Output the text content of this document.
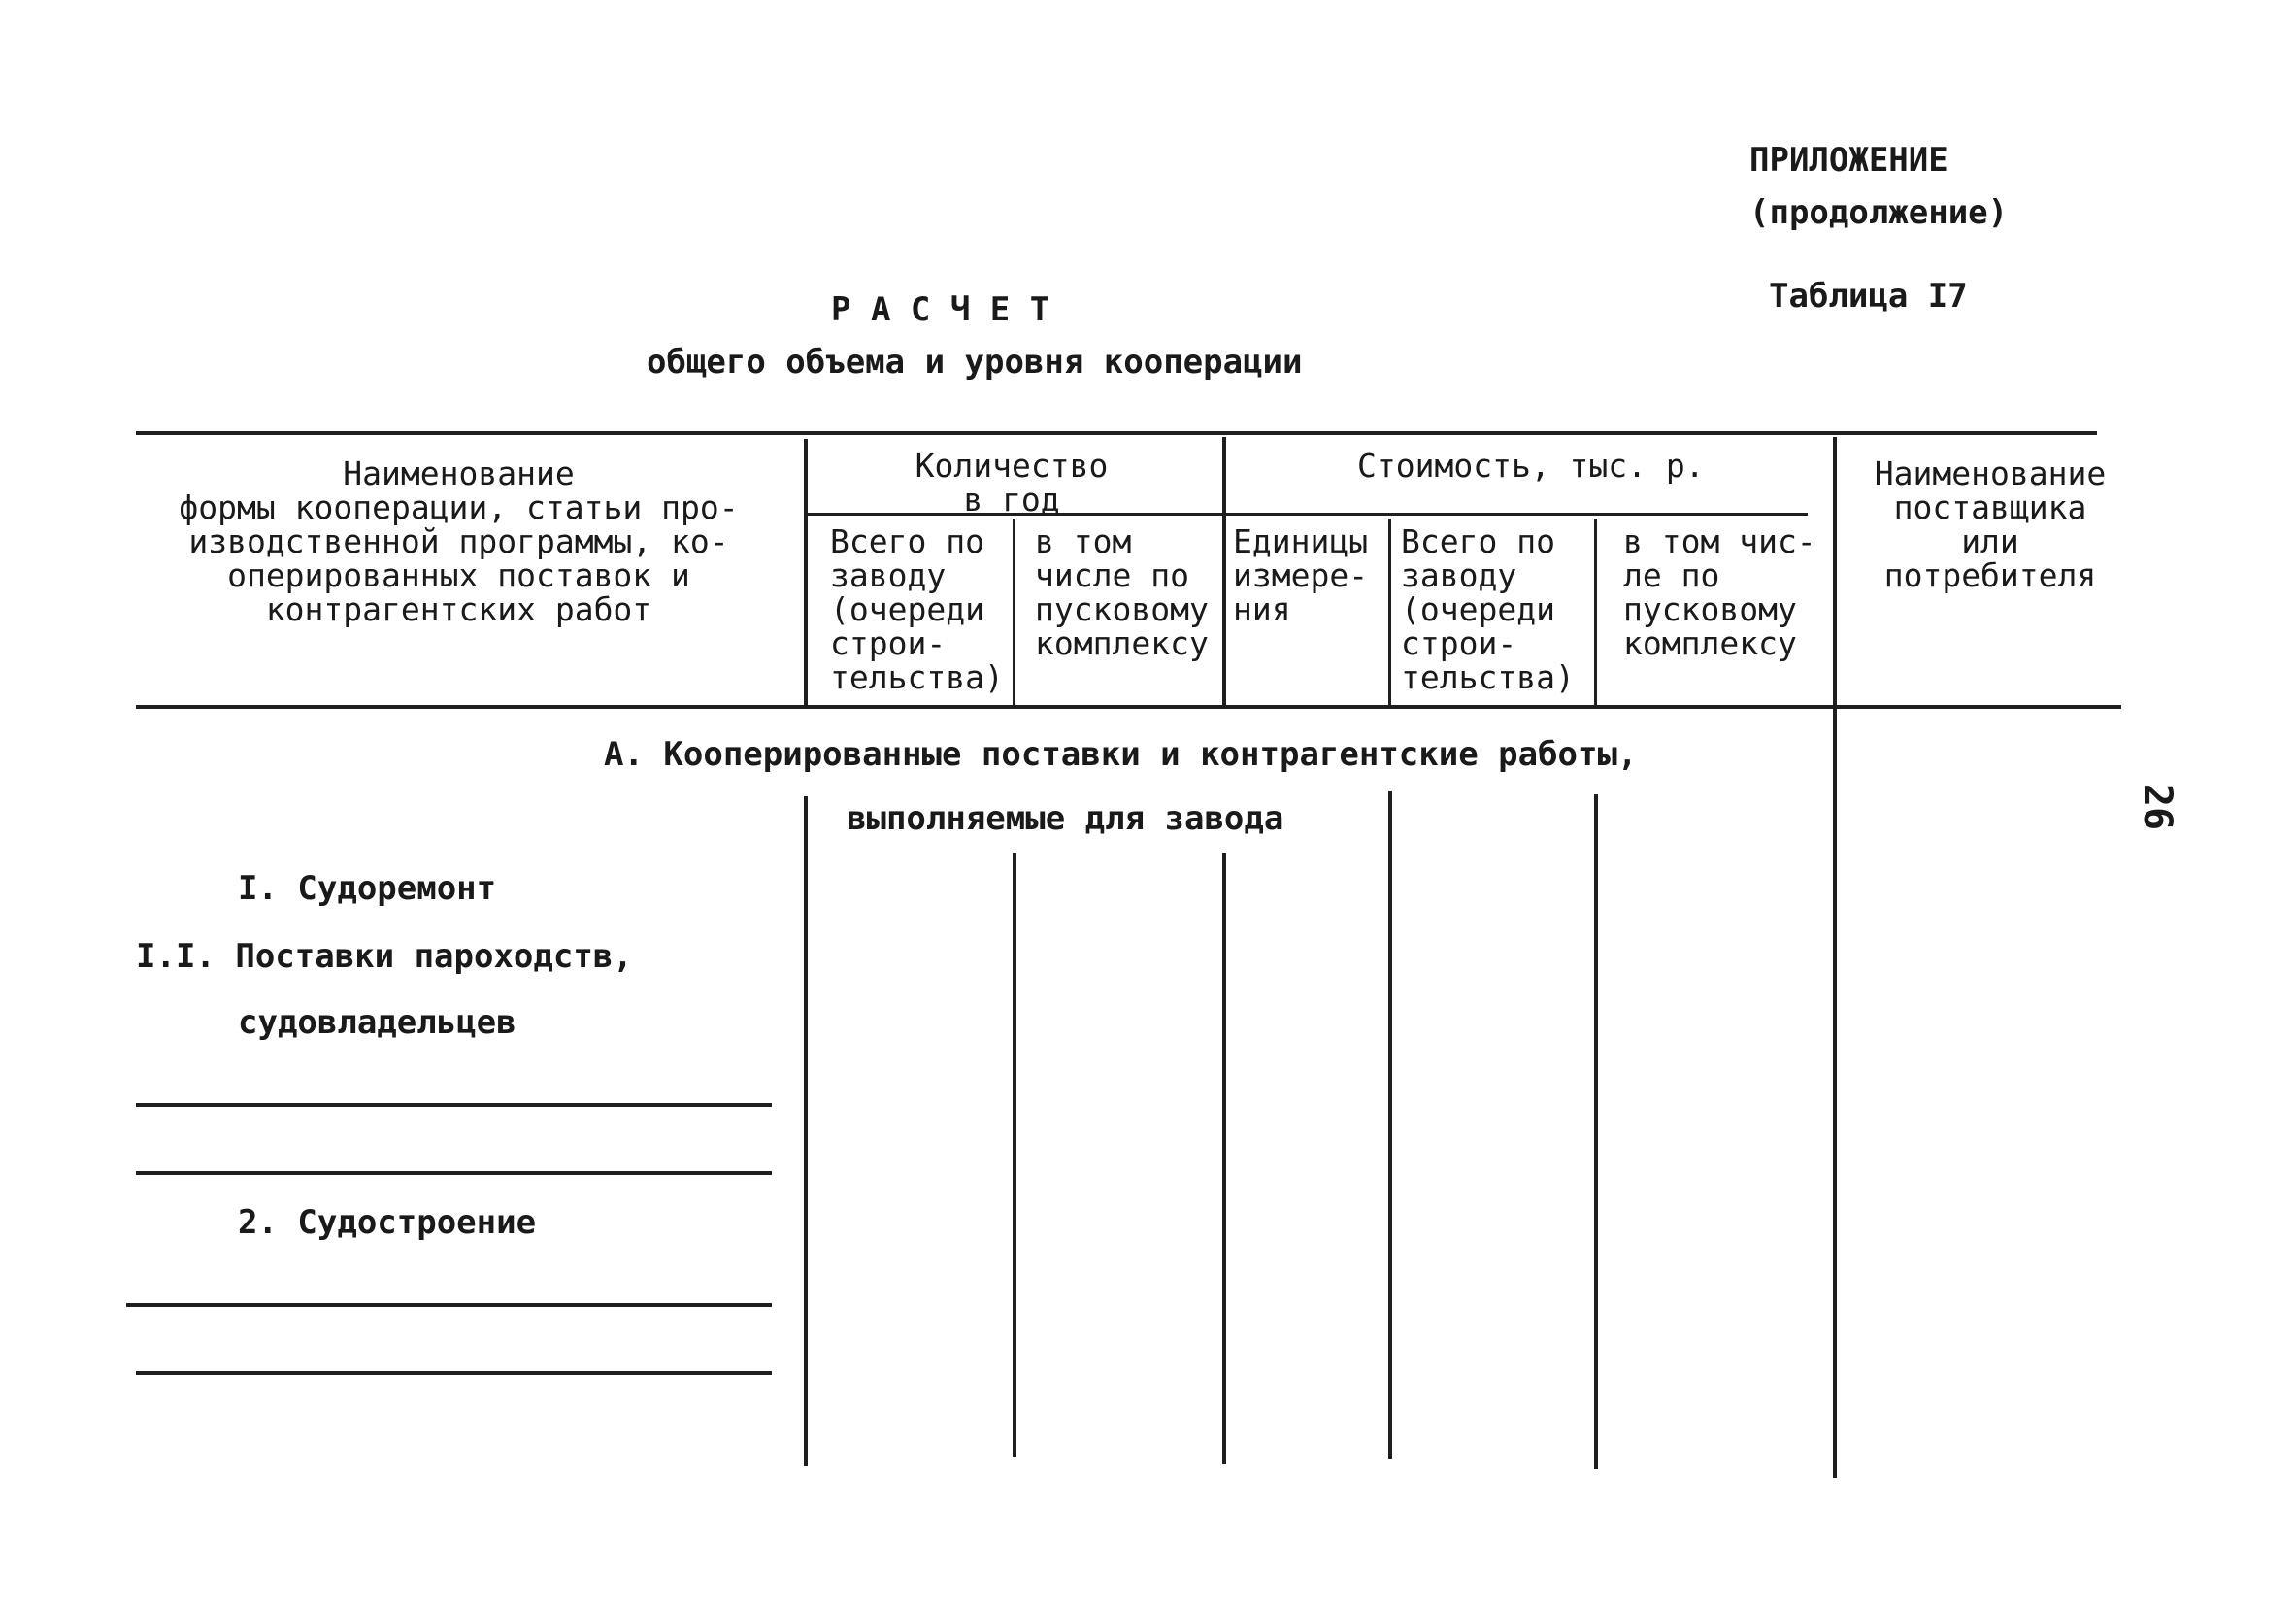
ПРИЛОЖЕНИЕ
(продолжение)
Таблица I7
Р А С Ч Е Т
общего объема и уровня кооперации
Наименование
формы кооперации, статьи про-
изводственной программы, ко-
оперированных поставок и
контрагентских работ
Количество
в год
Всего по
заводу
(очереди
строи-
тельства)
в том
числе по
пусковому
комплексу
Стоимость, тыс. р.
Единицы
измере-
ния
Всего по
заводу
(очереди
строи-
тельства)
в том чис-
ле по
пусковому
комплексу
Наименование
поставщика
или
потребителя
А. Кооперированные поставки и контрагентские работы,
выполняемые для завода
I. Судоремонт
I.I. Поставки пароходств,
судовладельцев
2. Судостроение
26
